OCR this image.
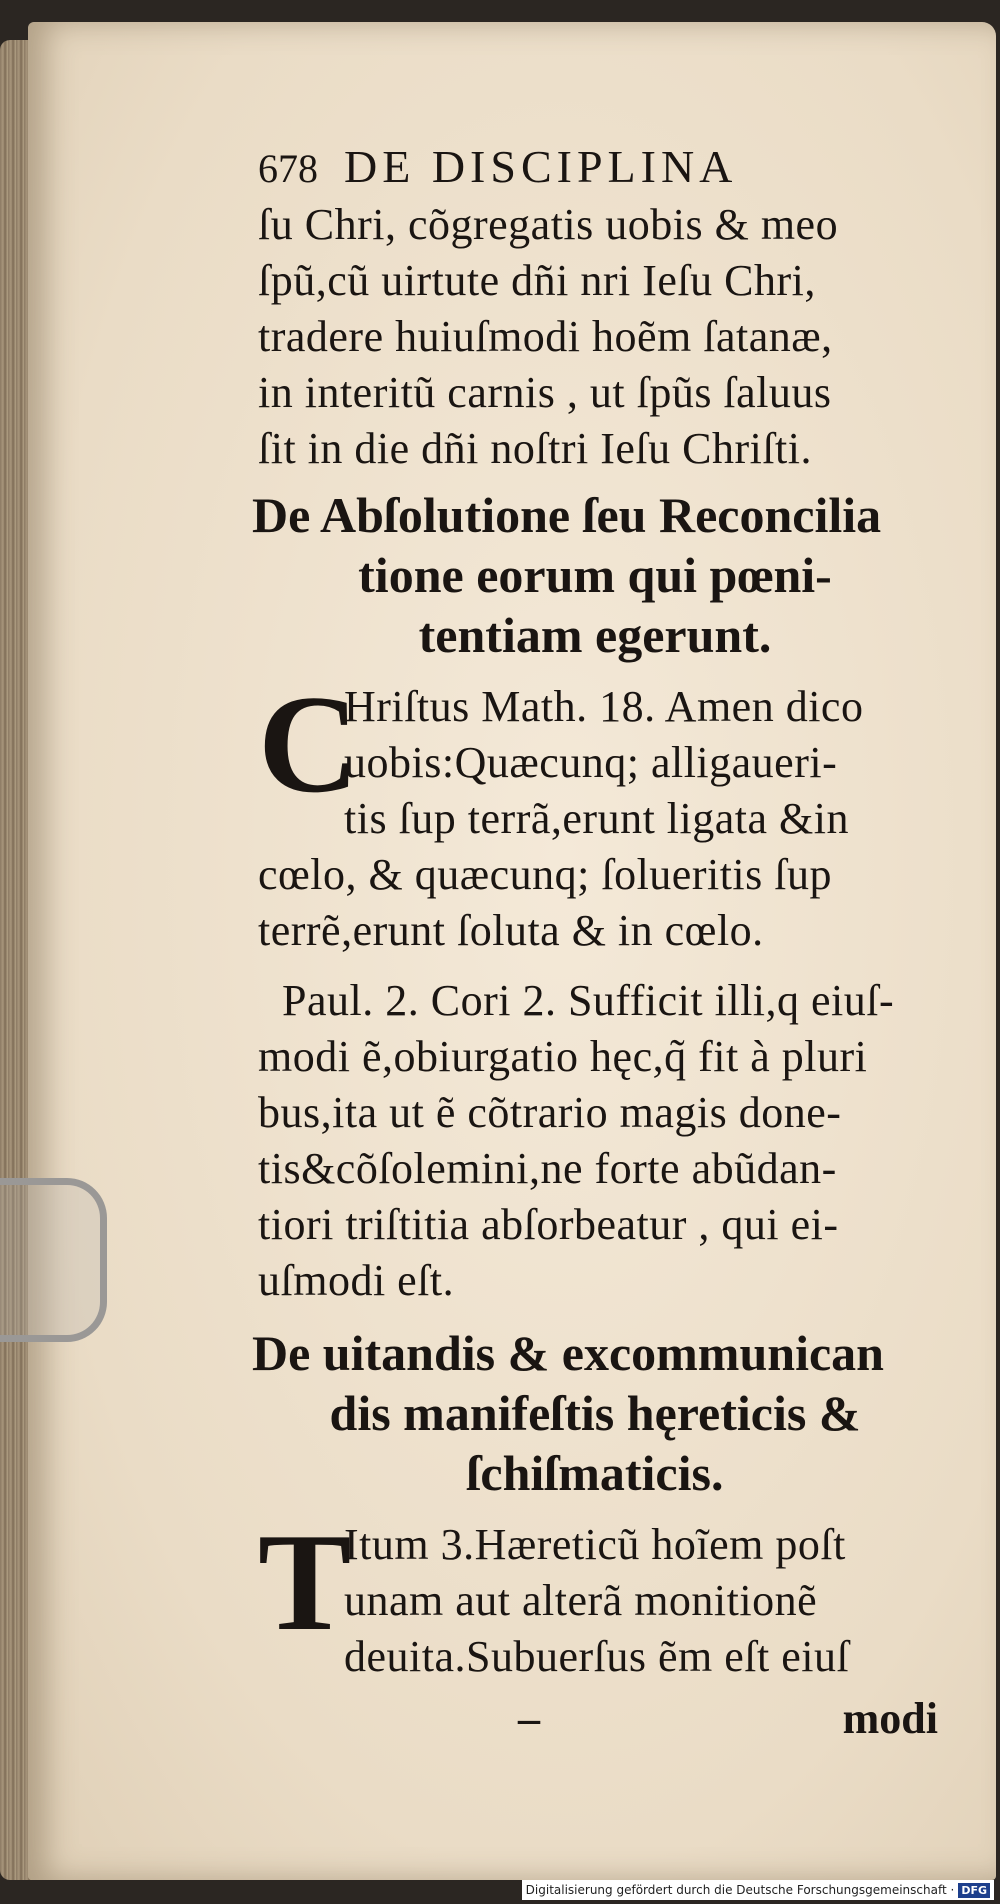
678 DE DISCIPLINA
ſu Chri, cõgregatis uobis & meo
ſpũ,cũ uirtute dñi nri Ieſu Chri,
tradere huiuſmodi hoẽm ſatanæ,
in interitũ carnis , ut ſpũs ſaluus
ſit in die dñi noſtri Ieſu Chriſti.
De Abſolutione ſeu Reconcilia
tione eorum qui pœni-
tentiam egerunt.
C
Hriſtus Math. 18. Amen dico
uobis:Quæcunq; alligaueri-
tis ſup terrã,erunt ligata &in
cœlo, & quæcunq; ſolueritis ſup
terrẽ,erunt ſoluta & in cœlo.
Paul. 2. Cori 2. Sufficit illi,q eiuſ-
modi ẽ,obiurgatio hęc,q̃ fit à pluri
bus,ita ut ẽ cõtrario magis done-
tis&cõſolemini,ne forte abũdan-
tiori triſtitia abſorbeatur , qui ei-
uſmodi eſt.
De uitandis & excommunican
dis manifeſtis hęreticis &
ſchiſmaticis.
T
Itum 3.Hæreticũ hoĩem poſt
unam aut alterã monitionẽ
deuita.Subuerſus ẽm eſt eiuſ
–	modi
Digitalisierung gefördert durch die Deutsche Forschungsgemeinschaft · DFG
